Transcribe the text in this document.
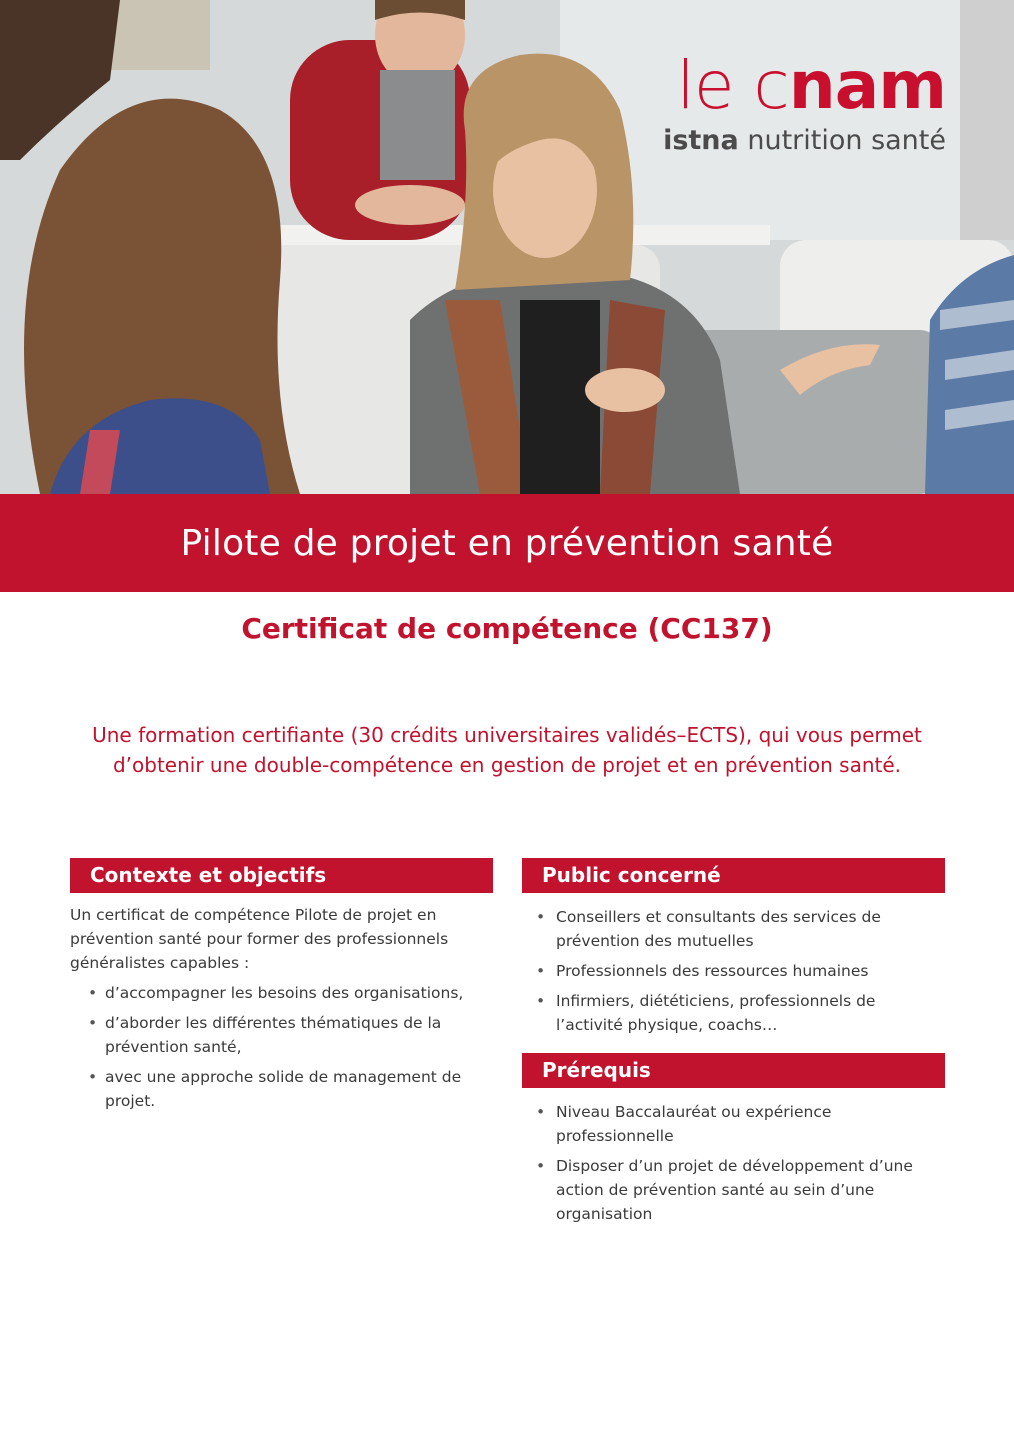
le cnam
istna nutrition santé
Pilote de projet en prévention santé
Certificat de compétence (CC137)

Une formation certifiante (30 crédits universitaires validés–ECTS), qui vous permet d’obtenir une double-compétence en gestion de projet et en prévention santé.

Contexte et objectifs

Un certificat de compétence Pilote de projet en prévention santé pour former des professionnels généralistes capables :

• d’accompagner les besoins des organisations,
• d’aborder les différentes thématiques de la prévention santé,
• avec une approche solide de management de projet.
Public concerné
• Conseillers et consultants des services de prévention des mutuelles
• Professionnels des ressources humaines
• Infirmiers, diététiciens, professionnels de l’activité physique, coachs…
Prérequis
• Niveau Baccalauréat ou expérience professionnelle
• Disposer d’un projet de développement d’une action de prévention santé au sein d’une organisation
